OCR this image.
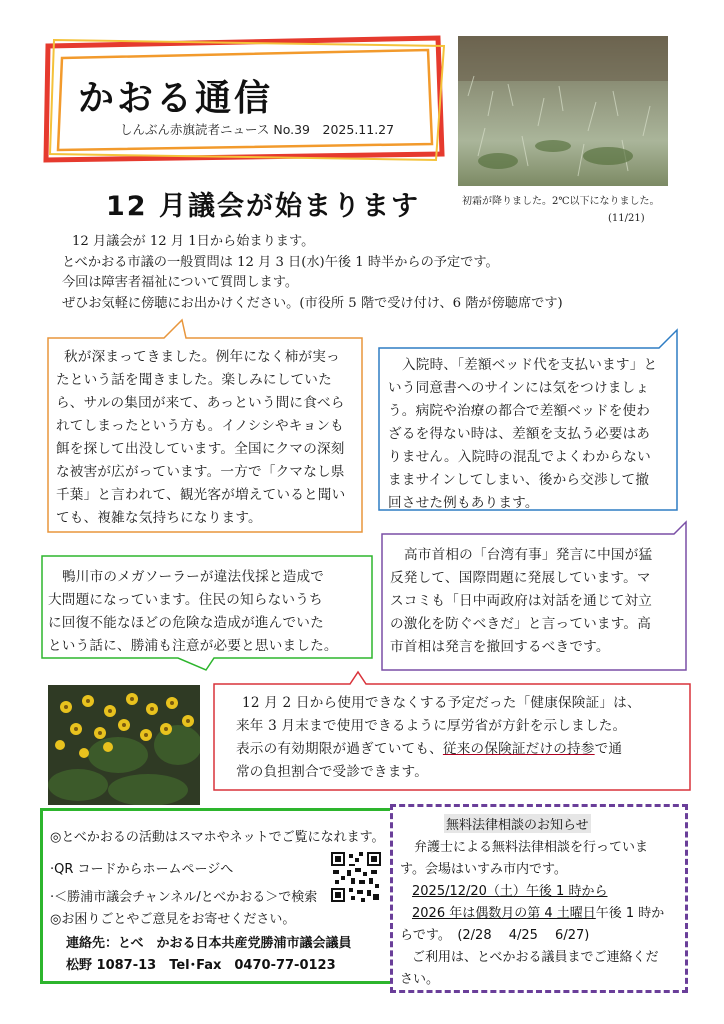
かおる通信
しんぶん赤旗読者ニュース No.39　2025.11.27
初霜が降りました。2℃以下になりました。
(11/21)
12 月議会が始まります
12 月議会が 12 月 1日から始まります。
とべかおる市議の一般質問は 12 月 3 日(水)午後 1 時半からの予定です。
今回は障害者福祉について質問します。
ぜひお気軽に傍聴にお出かけください。(市役所 5 階で受け付け、6 階が傍聴席です)
秋が深まってきました。例年になく柿が実っ
たという話を聞きました。楽しみにしていた
ら、サルの集団が来て、あっという間に食べら
れてしまったという方も。イノシシやキョンも
餌を探して出没しています。全国にクマの深刻
な被害が広がっています。一方で「クマなし県
千葉」と言われて、観光客が増えていると聞い
ても、複雑な気持ちになります。
入院時、「差額ベッド代を支払います」と
いう同意書へのサインには気をつけましょ
う。病院や治療の都合で差額ベッドを使わ
ざるを得ない時は、差額を支払う必要はあ
りません。入院時の混乱でよくわからない
ままサインしてしまい、後から交渉して撤
回させた例もあります。
鴨川市のメガソーラーが違法伐採と造成で
大問題になっています。住民の知らないうち
に回復不能なほどの危険な造成が進んでいた
という話に、勝浦も注意が必要と思いました。
高市首相の「台湾有事」発言に中国が猛
反発して、国際問題に発展しています。マ
スコミも「日中両政府は対話を通じて対立
の激化を防ぐべきだ」と言っています。高
市首相は発言を撤回するべきです。
12 月 2 日から使用できなくする予定だった「健康保険証」は、
来年 3 月末まで使用できるように厚労省が方針を示しました。
表示の有効期限が過ぎていても、従来の保険証だけの持参で通
常の負担割合で受診できます。
◎とべかおるの活動はスマホやネットでご覧になれます。
·QR コードからホームページへ
·＜勝浦市議会チャンネル/とべかおる＞で検索
◎お困りごとやご意見をお寄せください。
連絡先：とべ　かおる日本共産党勝浦市議会議員
松野 1087-13　Tel･Fax　0470-77-0123
無料法律相談のお知らせ
弁護士による無料法律相談を行っていま
す。会場はいすみ市内です。
2025/12/20（土）午後 1 時から
2026 年は偶数月の第 4 土曜日午後 1 時か
らです。　(2/28　 4/25　 6/27)
ご利用は、とべかおる議員までご連絡くだ
さい。
